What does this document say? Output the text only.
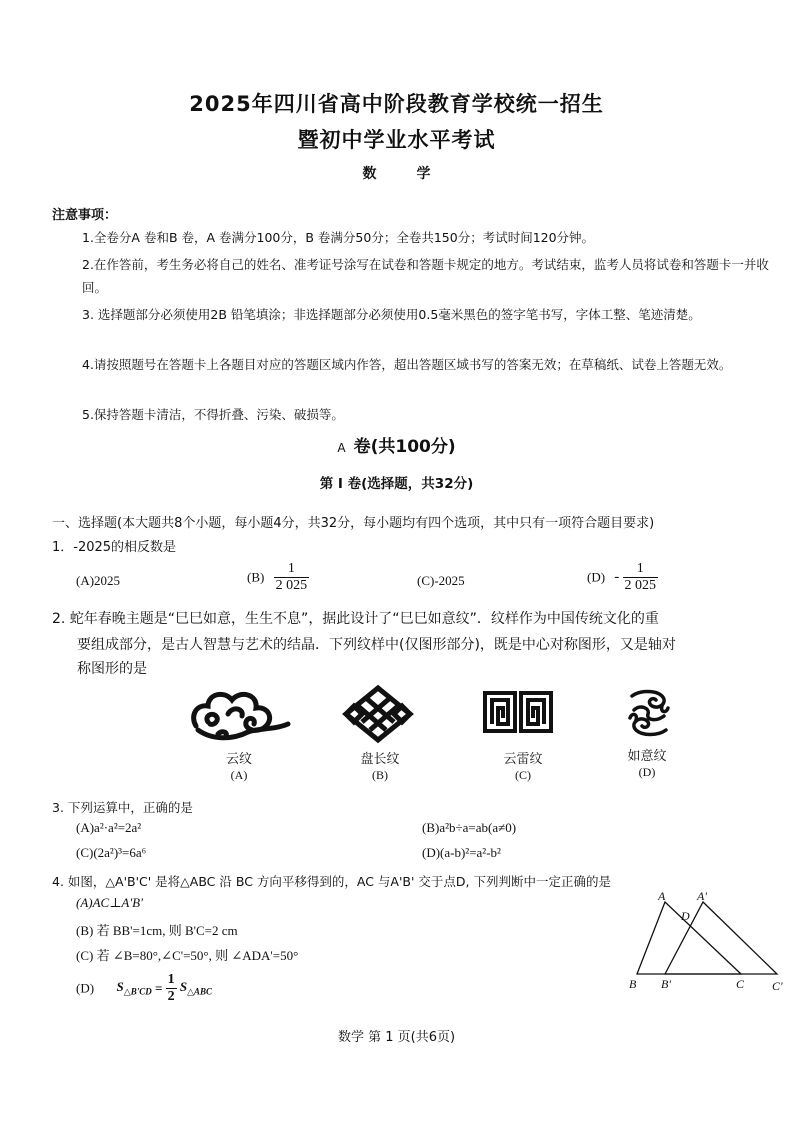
2025年四川省高中阶段教育学校统一招生
暨初中学业水平考试
数学
注意事项：
1.全卷分A 卷和B 卷，A 卷满分100分，B 卷满分50分；全卷共150分；考试时间120分钟。
2.在作答前，考生务必将自己的姓名、准考证号涂写在试卷和答题卡规定的地方。考试结束，监考人员将试卷和答题卡一并收回。
3. 选择题部分必须使用2B 铅笔填涂；非选择题部分必须使用0.5毫米黑色的签字笔书写，字体工整、笔迹清楚。
4.请按照题号在答题卡上各题目对应的答题区域内作答，超出答题区域书写的答案无效；在草稿纸、试卷上答题无效。
5.保持答题卡清洁，不得折叠、污染、破损等。
A 卷(共100分)
第 I 卷(选择题，共32分)
一、选择题(本大题共8个小题，每小题4分，共32分，每小题均有四个选项，其中只有一项符合题目要求)
1．-2025的相反数是
(A)2025	$(B) \frac{1}{2 025}$	(C)-2025	$(D) - \frac{1}{2 025}$
2. 蛇年春晚主题是“巳巳如意，生生不息”，据此设计了“巳巳如意纹”．纹样作为中国传统文化的重
要组成部分，是古人智慧与艺术的结晶．下列纹样中(仅图形部分)，既是中心对称图形，又是轴对
称图形的是
云纹
(A)
盘长纹
(B)
云雷纹
(C)
如意纹
(D)
3. 下列运算中，正确的是
(A)a²·a²=2a²	(B)a²b÷a=ab(a≠0)
(C)(2a²)³=6a⁶	(D)(a-b)²=a²-b²
4. 如图，△A'B'C' 是将△ABC 沿 BC 方向平移得到的，AC 与A'B' 交于点D, 下列判断中一定正确的是
(A)AC⊥A'B'
(B) 若 BB'=1cm, 则 B'C=2 cm
(C) 若 ∠B=80°,∠C'=50°, 则 ∠ADA'=50°
(D) $S_{\triangle B'CD} = \frac{1}{2} S_{\triangle ABC}$
A	A'
D
B B'	C C'
数学 第 1 页(共6页)
